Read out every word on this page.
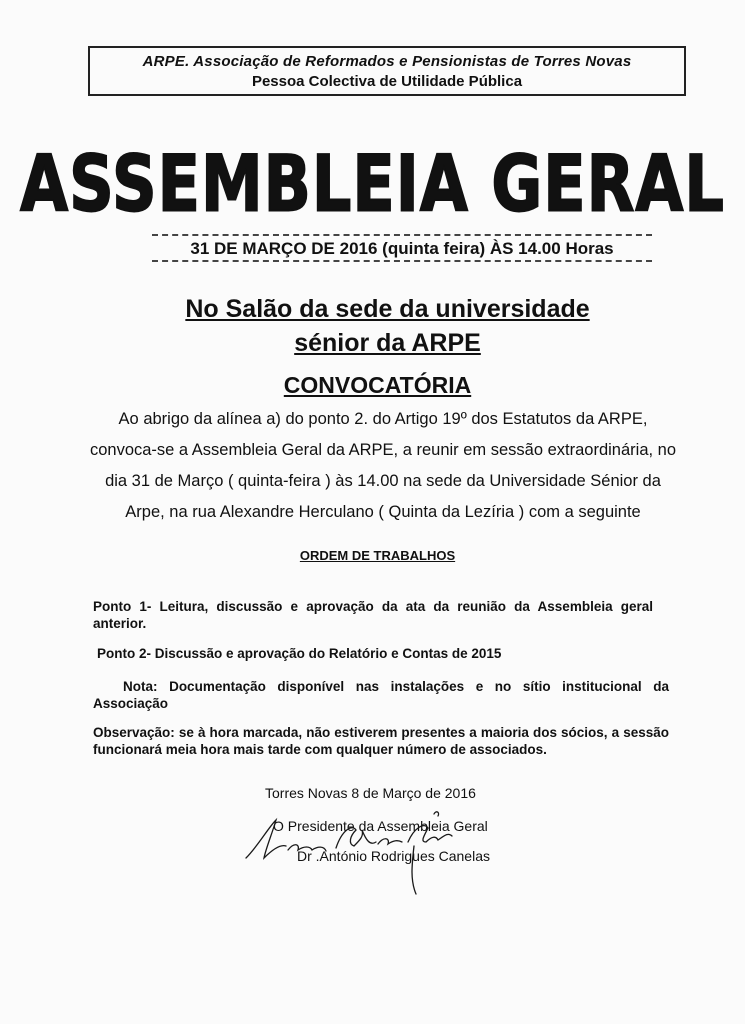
ARPE. Associação de Reformados e Pensionistas de Torres Novas
Pessoa Colectiva de Utilidade Pública
ASSEMBLEIA GERAL
31 DE MARÇO DE 2016 (quinta feira) ÀS 14.00 Horas
No Salão da sede da universidade
sénior da ARPE
CONVOCATÓRIA
Ao abrigo da alínea a) do ponto 2. do Artigo 19º dos Estatutos da ARPE,
convoca-se a Assembleia Geral da ARPE, a reunir em sessão extraordinária, no
dia 31 de Março ( quinta-feira ) às 14.00 na sede da Universidade Sénior da
Arpe, na rua Alexandre Herculano ( Quinta da Lezíria ) com a seguinte
ORDEM DE TRABALHOS
Ponto 1- Leitura, discussão e aprovação da ata da reunião da Assembleia geral anterior.
Ponto 2- Discussão e aprovação do Relatório e Contas de 2015
Nota: Documentação disponível nas instalações e no sítio institucional da Associação
Observação: se à hora marcada, não estiverem presentes a maioria dos sócios, a sessão funcionará meia hora mais tarde com qualquer número de associados.
Torres Novas 8 de Março de 2016
O Presidente da Assembleia Geral
Dr .António Rodrigues Canelas
